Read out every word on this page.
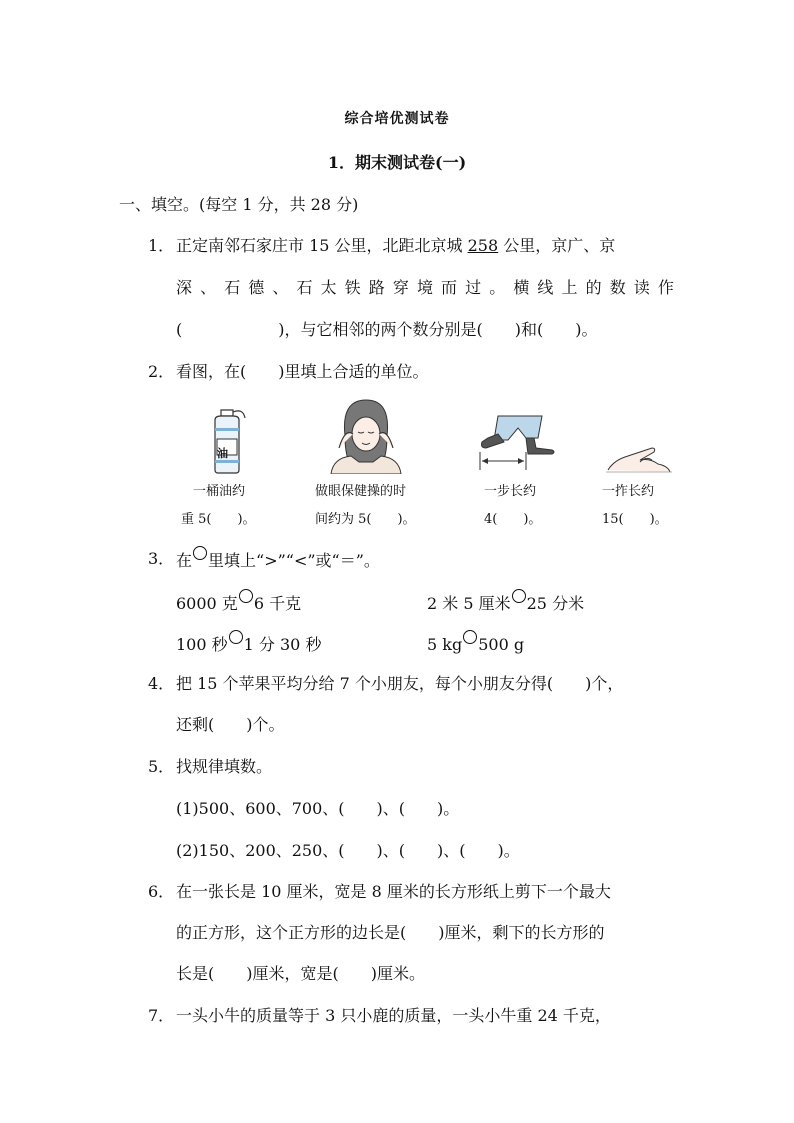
综合培优测试卷
1．期末测试卷(一)
一、填空。(每空 1 分，共 28 分)
1． 正定南邻石家庄市 15 公里，北距北京城 258 公里，京广、京
深 、 石 德 、 石 太 铁 路 穿 境 而 过 。 横 线 上 的 数 读 作
(　　　　　　)，与它相邻的两个数分别是(　　)和(　　)。
2． 看图，在(　　)里填上合适的单位。
油
一桶油约
重 5(　　)。
做眼保健操的时
间约为 5(　　)。
一步长约
4(　　)。
一拃长约
15(　　)。
3． 在 里填上“>”“<”或“＝”。
6000 克 6 千克	2 米 5 厘米 25 分米
100 秒 1 分 30 秒	5 kg 500 g
4． 把 15 个苹果平均分给 7 个小朋友，每个小朋友分得(　　)个，
还剩(　　)个。
5． 找规律填数。
(1)500、600、700、(　　)、(　　)。
(2)150、200、250、(　　)、(　　)、(　　)。
6． 在一张长是 10 厘米，宽是 8 厘米的长方形纸上剪下一个最大
的正方形，这个正方形的边长是(　　)厘米，剩下的长方形的
长是(　　)厘米，宽是(　　)厘米。
7． 一头小牛的质量等于 3 只小鹿的质量，一头小牛重 24 千克，
